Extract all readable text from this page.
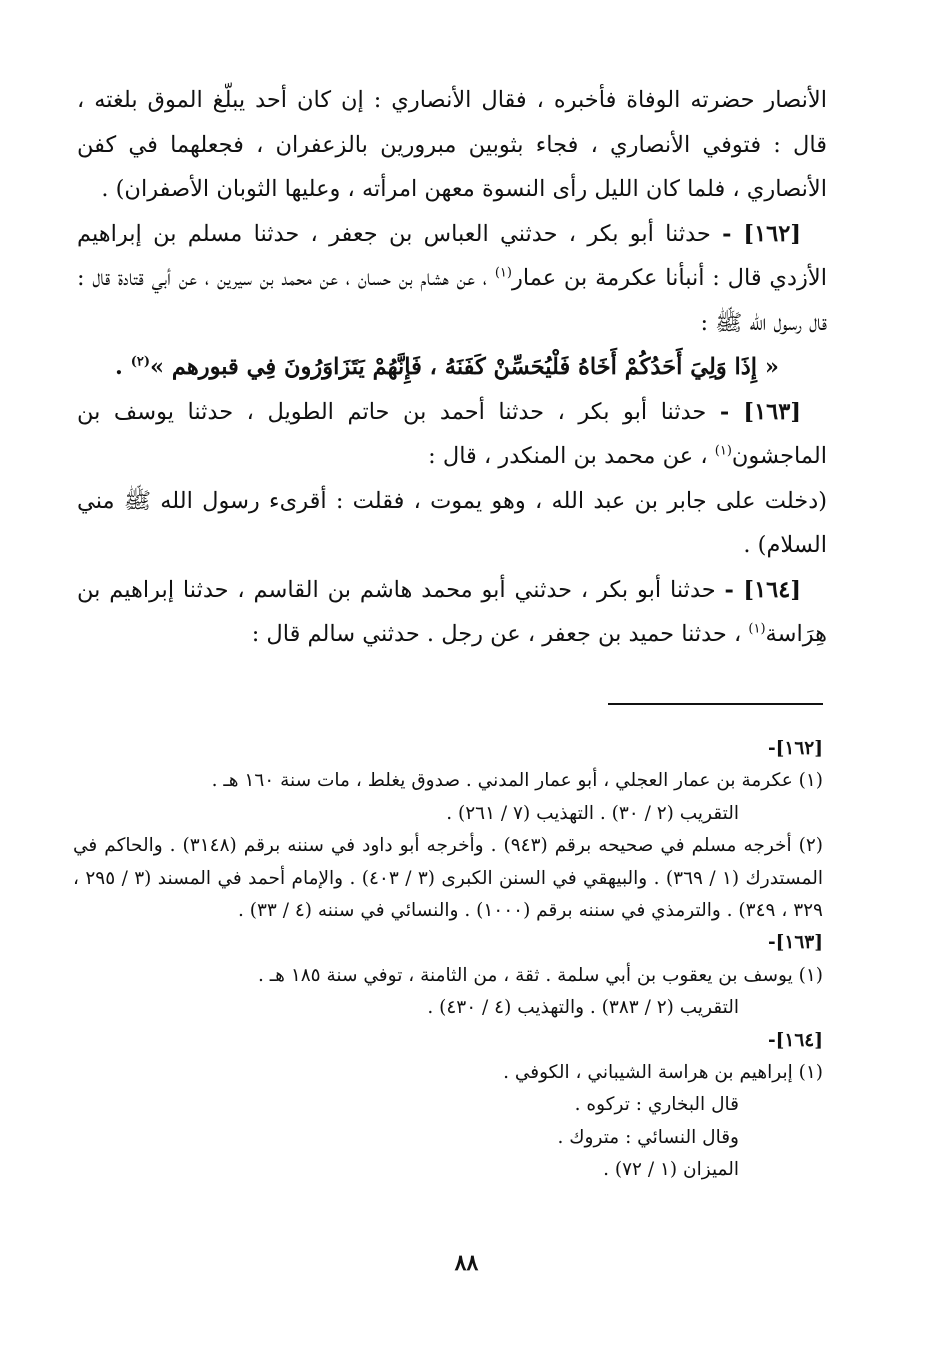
الأنصار حضرته الوفاة فأخبره ، فقال الأنصاري : إن كان أحد يبلّغ الموق بلغته ، قال : فتوفي الأنصاري ، فجاء بثوبين مبرورين بالزعفران ، فجعلهما في كفن الأنصاري ، فلما كان الليل رأى النسوة معهن امرأته ، وعليها الثوبان الأصفران) .

[١٦٢] - حدثنا أبو بكر ، حدثني العباس بن جعفر ، حدثنا مسلم بن إبراهيم الأزدي قال : أنبأنا عكرمة بن عمار$^{(١)}$ ، عن هشام بن حسان ، عن محمد بن سيرين ، عن أبي قتادة قال : قال رسول الله ﷺ :

« إِذَا وَلِيَ أَحَدُكُمْ أَخَاهُ فَلْيُحَسِّنْ كَفَنَهُ ، فَإِنَّهُمْ يَتَزَاوَرُونَ فِي قبورهم »$^{(٢)}$ .

[١٦٣] - حدثنا أبو بكر ، حدثنا أحمد بن حاتم الطويل ، حدثنا يوسف بن الماجشون$^{(١)}$ ، عن محمد بن المنكدر ، قال :

(دخلت على جابر بن عبد الله ، وهو يموت ، فقلت : أقرىء رسول الله ﷺ مني السلام) .

[١٦٤] - حدثنا أبو بكر ، حدثني أبو محمد هاشم بن القاسم ، حدثنا إبراهيم بن هِرَاسة$^{(١)}$ ، حدثنا حميد بن جعفر ، عن رجل . حدثني سالم قال :

[١٦٢]-

(١) عكرمة بن عمار العجلي ، أبو عمار المدني . صدوق يغلط ، مات سنة ١٦٠ هـ .

التقريب (٢ / ٣٠) . التهذيب (٧ / ٢٦١) .

(٢) أخرجه مسلم في صحيحه برقم (٩٤٣) . وأخرجه أبو داود في سننه برقم (٣١٤٨) . والحاكم في المستدرك (١ / ٣٦٩) . والبيهقي في السنن الكبرى (٣ / ٤٠٣) . والإمام أحمد في المسند (٣ / ٢٩٥ ، ٣٢٩ ، ٣٤٩) . والترمذي في سننه برقم (١٠٠٠) . والنسائي في سننه (٤ / ٣٣) .

[١٦٣]-

(١) يوسف بن يعقوب بن أبي سلمة . ثقة ، من الثامنة ، توفي سنة ١٨٥ هـ .

التقريب (٢ / ٣٨٣) . والتهذيب (٤ / ٤٣٠) .

[١٦٤]-

(١) إبراهيم بن هراسة الشيباني ، الكوفي .

قال البخاري : تركوه .

وقال النسائي : متروك .

الميزان (١ / ٧٢) .

٨٨
